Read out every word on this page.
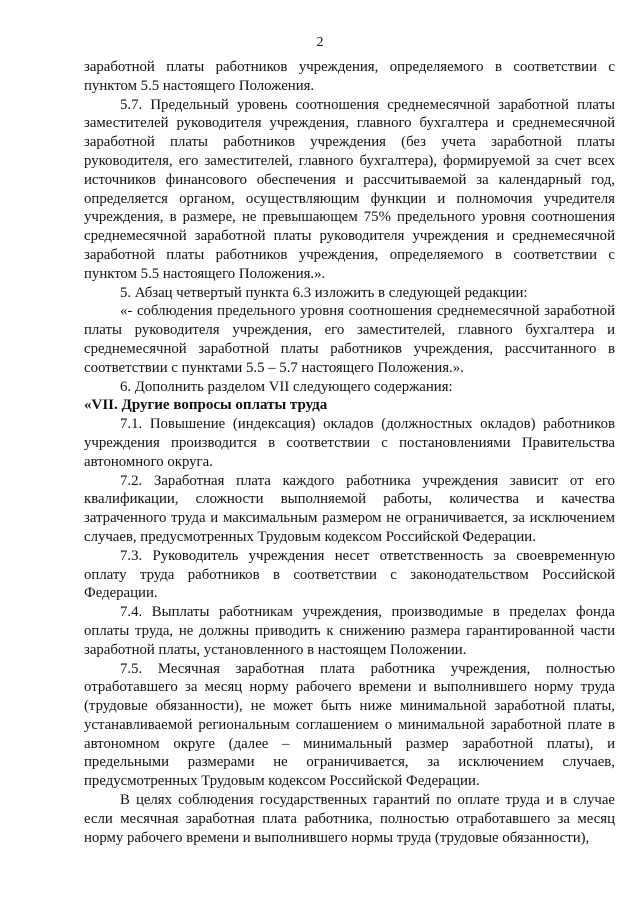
2

заработной платы работников учреждения, определяемого в соответствии с пунктом 5.5 настоящего Положения.

5.7. Предельный уровень соотношения среднемесячной заработной платы заместителей руководителя учреждения, главного бухгалтера и среднемесячной заработной платы работников учреждения (без учета заработной платы руководителя, его заместителей, главного бухгалтера), формируемой за счет всех источников финансового обеспечения и рассчитываемой за календарный год, определяется органом, осуществляющим функции и полномочия учредителя учреждения, в размере, не превышающем 75% предельного уровня соотношения среднемесячной заработной платы руководителя учреждения и среднемесячной заработной платы работников учреждения, определяемого в соответствии с пунктом 5.5 настоящего Положения.».

5. Абзац четвертый пункта 6.3 изложить в следующей редакции:

«- соблюдения предельного уровня соотношения среднемесячной заработной платы руководителя учреждения, его заместителей, главного бухгалтера и среднемесячной заработной платы работников учреждения, рассчитанного в соответствии с пунктами 5.5 – 5.7 настоящего Положения.».

6. Дополнить разделом VII следующего содержания:

«VII. Другие вопросы оплаты труда

7.1. Повышение (индексация) окладов (должностных окладов) работников учреждения производится в соответствии с постановлениями Правительства автономного округа.

7.2. Заработная плата каждого работника учреждения зависит от его квалификации, сложности выполняемой работы, количества и качества затраченного труда и максимальным размером не ограничивается, за исключением случаев, предусмотренных Трудовым кодексом Российской Федерации.

7.3. Руководитель учреждения несет ответственность за своевременную оплату труда работников в соответствии с законодательством Российской Федерации.

7.4. Выплаты работникам учреждения, производимые в пределах фонда оплаты труда, не должны приводить к снижению размера гарантированной части заработной платы, установленного в настоящем Положении.

7.5. Месячная заработная плата работника учреждения, полностью отработавшего за месяц норму рабочего времени и выполнившего норму труда (трудовые обязанности), не может быть ниже минимальной заработной платы, устанавливаемой региональным соглашением о минимальной заработной плате в автономном округе (далее – минимальный размер заработной платы), и предельными размерами не ограничивается, за исключением случаев, предусмотренных Трудовым кодексом Российской Федерации.

В целях соблюдения государственных гарантий по оплате труда и в случае если месячная заработная плата работника, полностью отработавшего за месяц норму рабочего времени и выполнившего нормы труда (трудовые обязанности),
